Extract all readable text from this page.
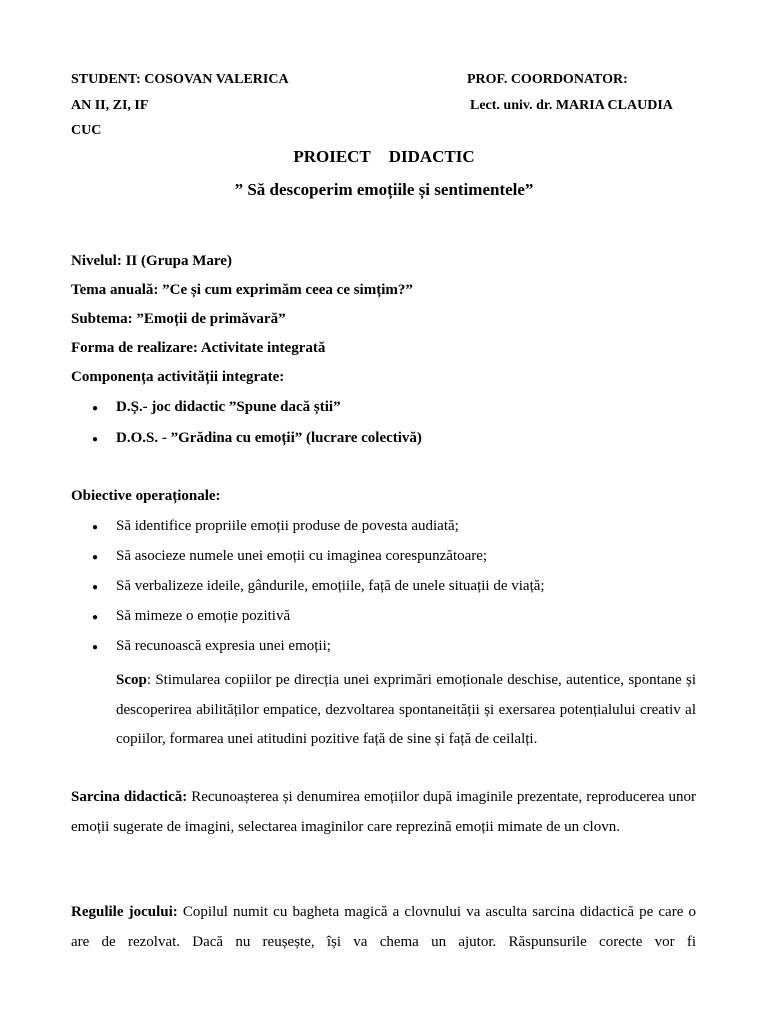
STUDENT: COSOVAN VALERICA
AN II, ZI, IF
CUC
PROF. COORDONATOR:
Lect. univ. dr. MARIA CLAUDIA
PROIECT DIDACTIC
” Să descoperim emoțiile și sentimentele”
Nivelul: II (Grupa Mare)
Tema anuală: ”Ce și cum exprimăm ceea ce simțim?”
Subtema: ”Emoții de primăvară”
Forma de realizare: Activitate integrată
Componența activității integrate:
● D.Ș.- joc didactic ”Spune dacă știi”
● D.O.S. - ”Grădina cu emoții” (lucrare colectivă)
Obiective operaționale:
● Să identifice propriile emoții produse de povesta audiată;
● Să asocieze numele unei emoții cu imaginea corespunzătoare;
● Să verbalizeze ideile, gândurile, emoțiile, față de unele situații de viață;
● Să mimeze o emoție pozitivă
● Să recunoască expresia unei emoții;
Scop: Stimularea copiilor pe direcția unei exprimări emoționale deschise, autentice, spontane și descoperirea abilităților empatice, dezvoltarea spontaneității și exersarea potențialului creativ al copiilor, formarea unei atitudini pozitive față de sine și față de ceilalți.
Sarcina didactică: Recunoașterea și denumirea emoțiilor după imaginile prezentate, reproducerea unor emoții sugerate de imagini, selectarea imaginilor care reprezină emoții mimate de un clovn.
Regulile jocului: Copilul numit cu bagheta magică a clovnului va asculta sarcina didactică pe care o are de rezolvat. Dacă nu reușește, își va chema un ajutor. Răspunsurile corecte vor fi
